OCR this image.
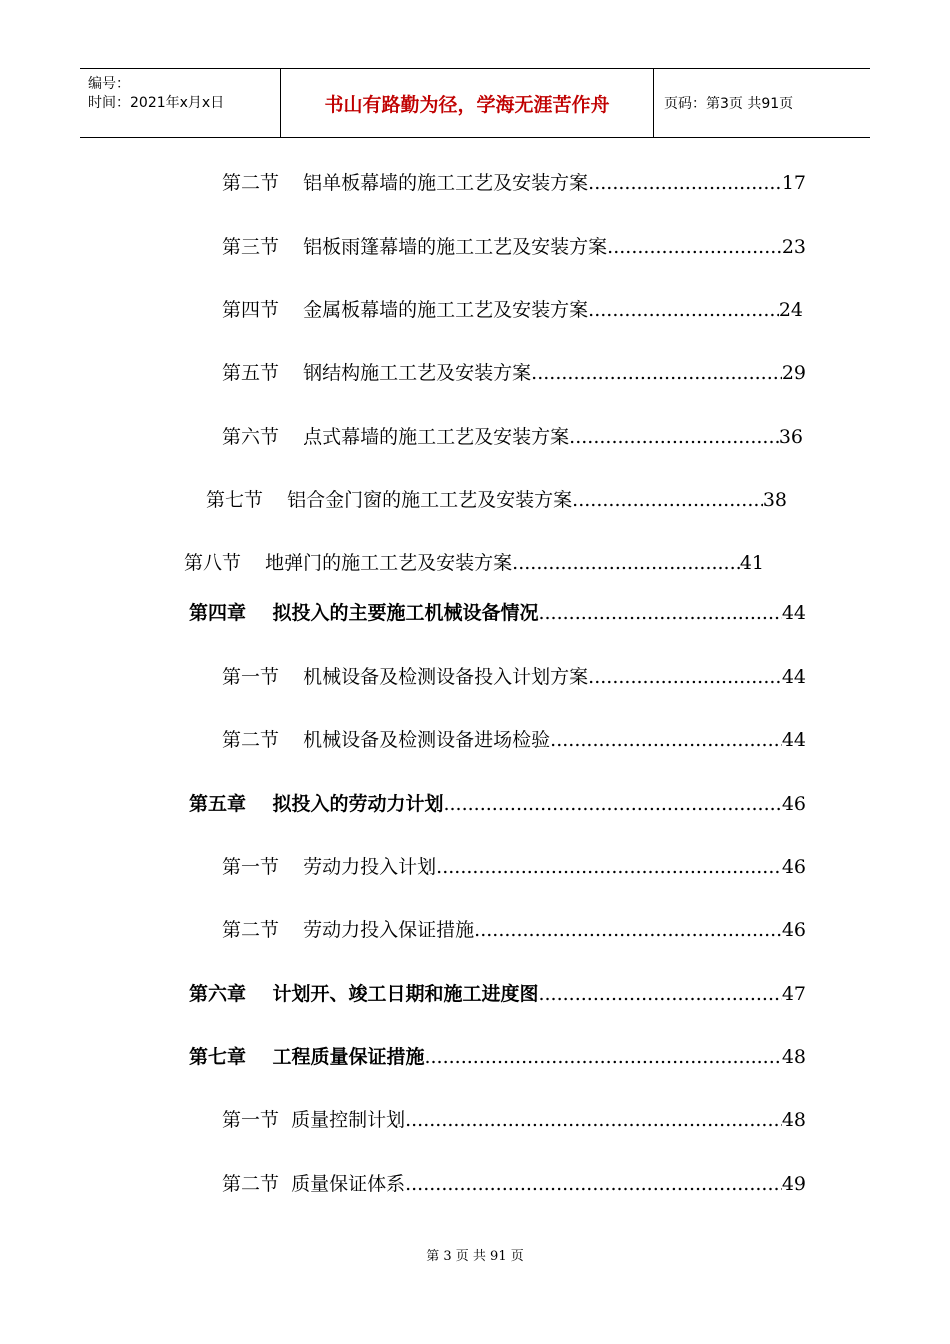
编号：
时间：2021年x月x日	书山有路勤为径，学海无涯苦作舟	页码：第3页 共91页
第二节    铝单板幕墙的施工工艺及安装方案 .....	17
第三节    铝板雨篷幕墙的施工工艺及安装方案 .....	23
第四节    金属板幕墙的施工工艺及安装方案 .....	24
第五节    钢结构施工工艺及安装方案 .....	29
第六节    点式幕墙的施工工艺及安装方案. .....	36
第七节    铝合金门窗的施工工艺及安装方案 .....	38
第八节    地弹门的施工工艺及安装方案 .....	41
第四章    拟投入的主要施工机械设备情况 .....	44
第一节    机械设备及检测设备投入计划方案 .....	44
第二节    机械设备及检测设备进场检验 .....	44
第五章    拟投入的劳动力计划 .....	46
第一节    劳动力投入计划 .....	46
第二节    劳动力投入保证措施 .....	46
第六章    计划开、竣工日期和施工进度图 .....	47
第七章    工程质量保证措施 .....	48
第一节  质量控制计划 .....	48
第二节  质量保证体系 .....	49
第 3 页 共 91 页
